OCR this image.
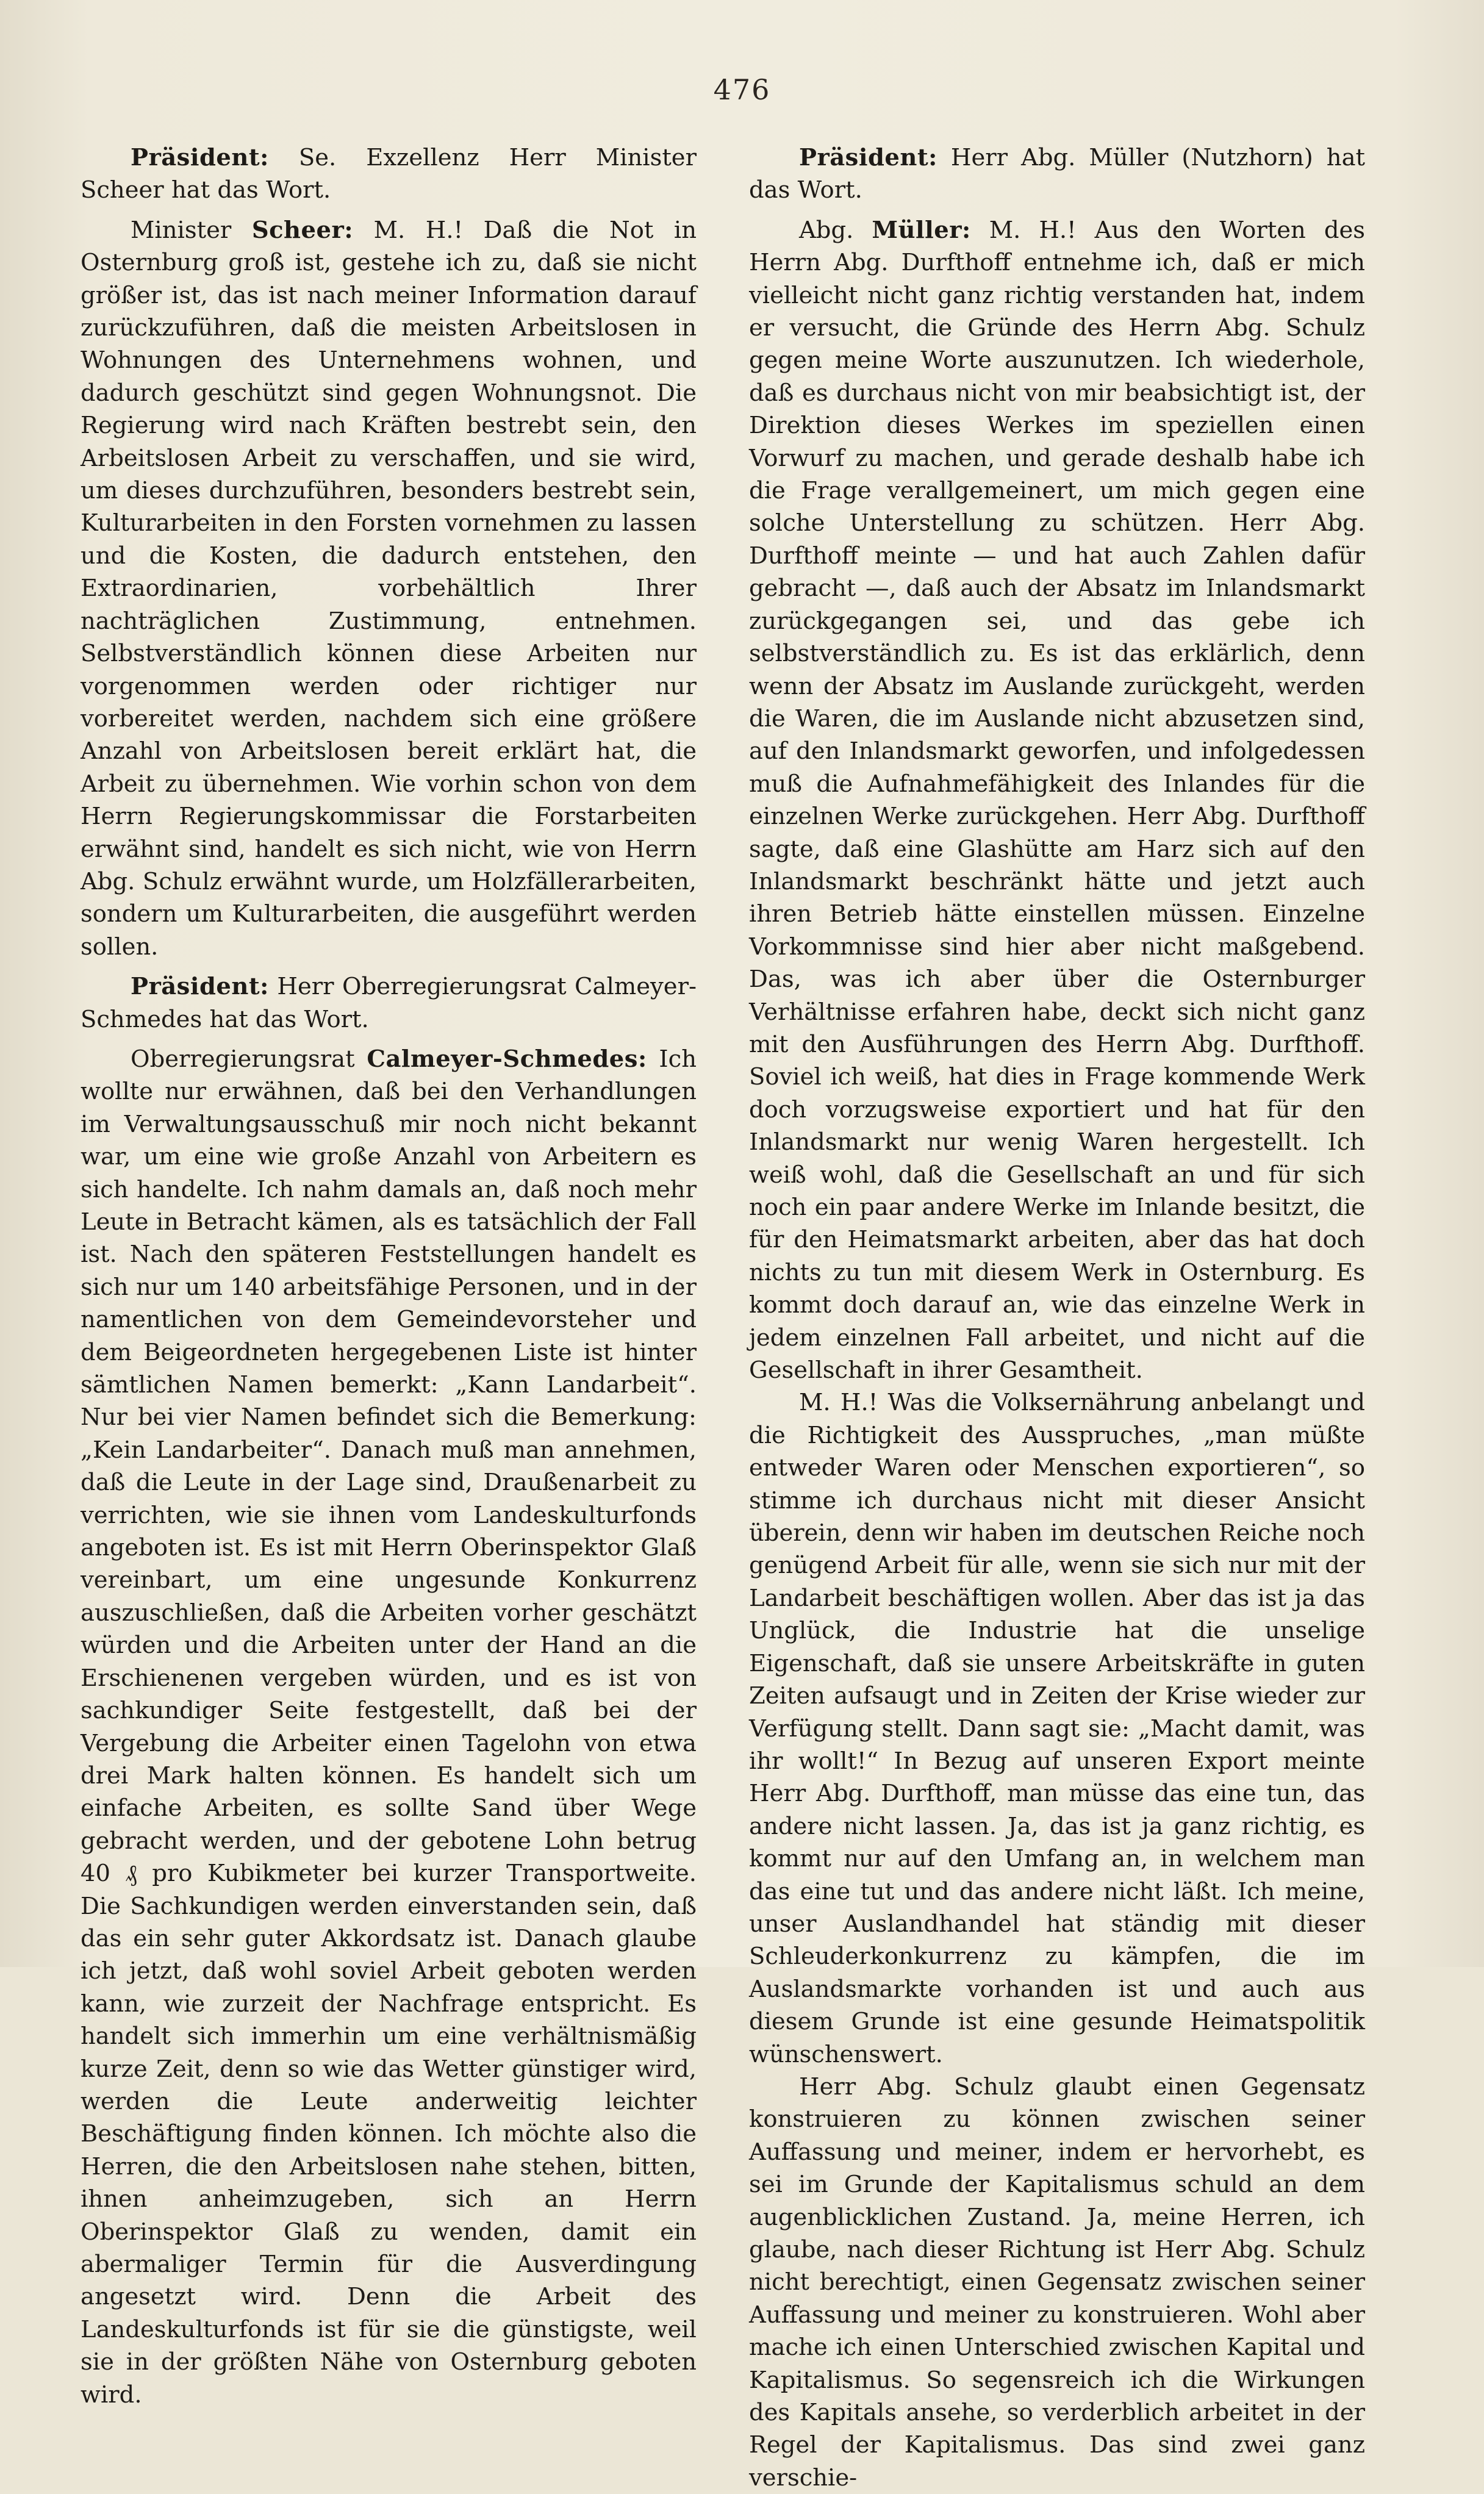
476

Präsident: Se. Exzellenz Herr Minister Scheer hat das Wort.

Minister Scheer: M. H.! Daß die Not in Osternburg groß ist, gestehe ich zu, daß sie nicht größer ist, das ist nach meiner Information darauf zurückzuführen, daß die meisten Arbeitslosen in Wohnungen des Unternehmens wohnen, und dadurch geschützt sind gegen Wohnungsnot. Die Regierung wird nach Kräften bestrebt sein, den Arbeitslosen Arbeit zu verschaffen, und sie wird, um dieses durchzuführen, besonders bestrebt sein, Kulturarbeiten in den Forsten vornehmen zu lassen und die Kosten, die dadurch entstehen, den Extraordinarien, vorbehältlich Ihrer nachträglichen Zustimmung, entnehmen. Selbstverständlich können diese Arbeiten nur vorgenommen werden oder richtiger nur vorbereitet werden, nachdem sich eine größere Anzahl von Arbeitslosen bereit erklärt hat, die Arbeit zu übernehmen. Wie vorhin schon von dem Herrn Regierungskommissar die Forstarbeiten erwähnt sind, handelt es sich nicht, wie von Herrn Abg. Schulz erwähnt wurde, um Holzfällerarbeiten, sondern um Kulturarbeiten, die ausgeführt werden sollen.

Präsident: Herr Oberregierungsrat Calmeyer-Schmedes hat das Wort.

Oberregierungsrat Calmeyer-Schmedes: Ich wollte nur erwähnen, daß bei den Verhandlungen im Verwaltungsausschuß mir noch nicht bekannt war, um eine wie große Anzahl von Arbeitern es sich handelte. Ich nahm damals an, daß noch mehr Leute in Betracht kämen, als es tatsächlich der Fall ist. Nach den späteren Feststellungen handelt es sich nur um 140 arbeitsfähige Personen, und in der namentlichen von dem Gemeindevorsteher und dem Beigeordneten hergegebenen Liste ist hinter sämtlichen Namen bemerkt: „Kann Landarbeit“. Nur bei vier Namen befindet sich die Bemerkung: „Kein Landarbeiter“. Danach muß man annehmen, daß die Leute in der Lage sind, Draußenarbeit zu verrichten, wie sie ihnen vom Landeskulturfonds angeboten ist. Es ist mit Herrn Oberinspektor Glaß vereinbart, um eine ungesunde Konkurrenz auszuschließen, daß die Arbeiten vorher geschätzt würden und die Arbeiten unter der Hand an die Erschienenen vergeben würden, und es ist von sachkundiger Seite festgestellt, daß bei der Vergebung die Arbeiter einen Tagelohn von etwa drei Mark halten können. Es handelt sich um einfache Arbeiten, es sollte Sand über Wege gebracht werden, und der gebotene Lohn betrug 40 ₰ pro Kubikmeter bei kurzer Transportweite. Die Sachkundigen werden einverstanden sein, daß das ein sehr guter Akkordsatz ist. Danach glaube ich jetzt, daß wohl soviel Arbeit geboten werden kann, wie zurzeit der Nachfrage entspricht. Es handelt sich immerhin um eine verhältnismäßig kurze Zeit, denn so wie das Wetter günstiger wird, werden die Leute anderweitig leichter Beschäftigung finden können. Ich möchte also die Herren, die den Arbeitslosen nahe stehen, bitten, ihnen anheimzugeben, sich an Herrn Oberinspektor Glaß zu wenden, damit ein abermaliger Termin für die Ausverdingung angesetzt wird. Denn die Arbeit des Landeskulturfonds ist für sie die günstigste, weil sie in der größten Nähe von Osternburg geboten wird.

Präsident: Herr Abg. Müller (Nutzhorn) hat das Wort.

Abg. Müller: M. H.! Aus den Worten des Herrn Abg. Durfthoff entnehme ich, daß er mich vielleicht nicht ganz richtig verstanden hat, indem er versucht, die Gründe des Herrn Abg. Schulz gegen meine Worte auszunutzen. Ich wiederhole, daß es durchaus nicht von mir beabsichtigt ist, der Direktion dieses Werkes im speziellen einen Vorwurf zu machen, und gerade deshalb habe ich die Frage verallgemeinert, um mich gegen eine solche Unterstellung zu schützen. Herr Abg. Durfthoff meinte — und hat auch Zahlen dafür gebracht —, daß auch der Absatz im Inlandsmarkt zurückgegangen sei, und das gebe ich selbstverständlich zu. Es ist das erklärlich, denn wenn der Absatz im Auslande zurückgeht, werden die Waren, die im Auslande nicht abzusetzen sind, auf den Inlandsmarkt geworfen, und infolgedessen muß die Aufnahmefähigkeit des Inlandes für die einzelnen Werke zurückgehen. Herr Abg. Durfthoff sagte, daß eine Glashütte am Harz sich auf den Inlandsmarkt beschränkt hätte und jetzt auch ihren Betrieb hätte einstellen müssen. Einzelne Vorkommnisse sind hier aber nicht maßgebend. Das, was ich aber über die Osternburger Verhältnisse erfahren habe, deckt sich nicht ganz mit den Ausführungen des Herrn Abg. Durfthoff. Soviel ich weiß, hat dies in Frage kommende Werk doch vorzugsweise exportiert und hat für den Inlandsmarkt nur wenig Waren hergestellt. Ich weiß wohl, daß die Gesellschaft an und für sich noch ein paar andere Werke im Inlande besitzt, die für den Heimatsmarkt arbeiten, aber das hat doch nichts zu tun mit diesem Werk in Osternburg. Es kommt doch darauf an, wie das einzelne Werk in jedem einzelnen Fall arbeitet, und nicht auf die Gesellschaft in ihrer Gesamtheit.

M. H.! Was die Volksernährung anbelangt und die Richtigkeit des Ausspruches, „man müßte entweder Waren oder Menschen exportieren“, so stimme ich durchaus nicht mit dieser Ansicht überein, denn wir haben im deutschen Reiche noch genügend Arbeit für alle, wenn sie sich nur mit der Landarbeit beschäftigen wollen. Aber das ist ja das Unglück, die Industrie hat die unselige Eigenschaft, daß sie unsere Arbeitskräfte in guten Zeiten aufsaugt und in Zeiten der Krise wieder zur Verfügung stellt. Dann sagt sie: „Macht damit, was ihr wollt!“ In Bezug auf unseren Export meinte Herr Abg. Durfthoff, man müsse das eine tun, das andere nicht lassen. Ja, das ist ja ganz richtig, es kommt nur auf den Umfang an, in welchem man das eine tut und das andere nicht läßt. Ich meine, unser Auslandhandel hat ständig mit dieser Schleuderkonkurrenz zu kämpfen, die im Auslandsmarkte vorhanden ist und auch aus diesem Grunde ist eine gesunde Heimatspolitik wünschenswert.

Herr Abg. Schulz glaubt einen Gegensatz konstruieren zu können zwischen seiner Auffassung und meiner, indem er hervorhebt, es sei im Grunde der Kapitalismus schuld an dem augenblicklichen Zustand. Ja, meine Herren, ich glaube, nach dieser Richtung ist Herr Abg. Schulz nicht berechtigt, einen Gegensatz zwischen seiner Auffassung und meiner zu konstruieren. Wohl aber mache ich einen Unterschied zwischen Kapital und Kapitalismus. So segensreich ich die Wirkungen des Kapitals ansehe, so verderblich arbeitet in der Regel der Kapitalismus. Das sind zwei ganz verschie-
